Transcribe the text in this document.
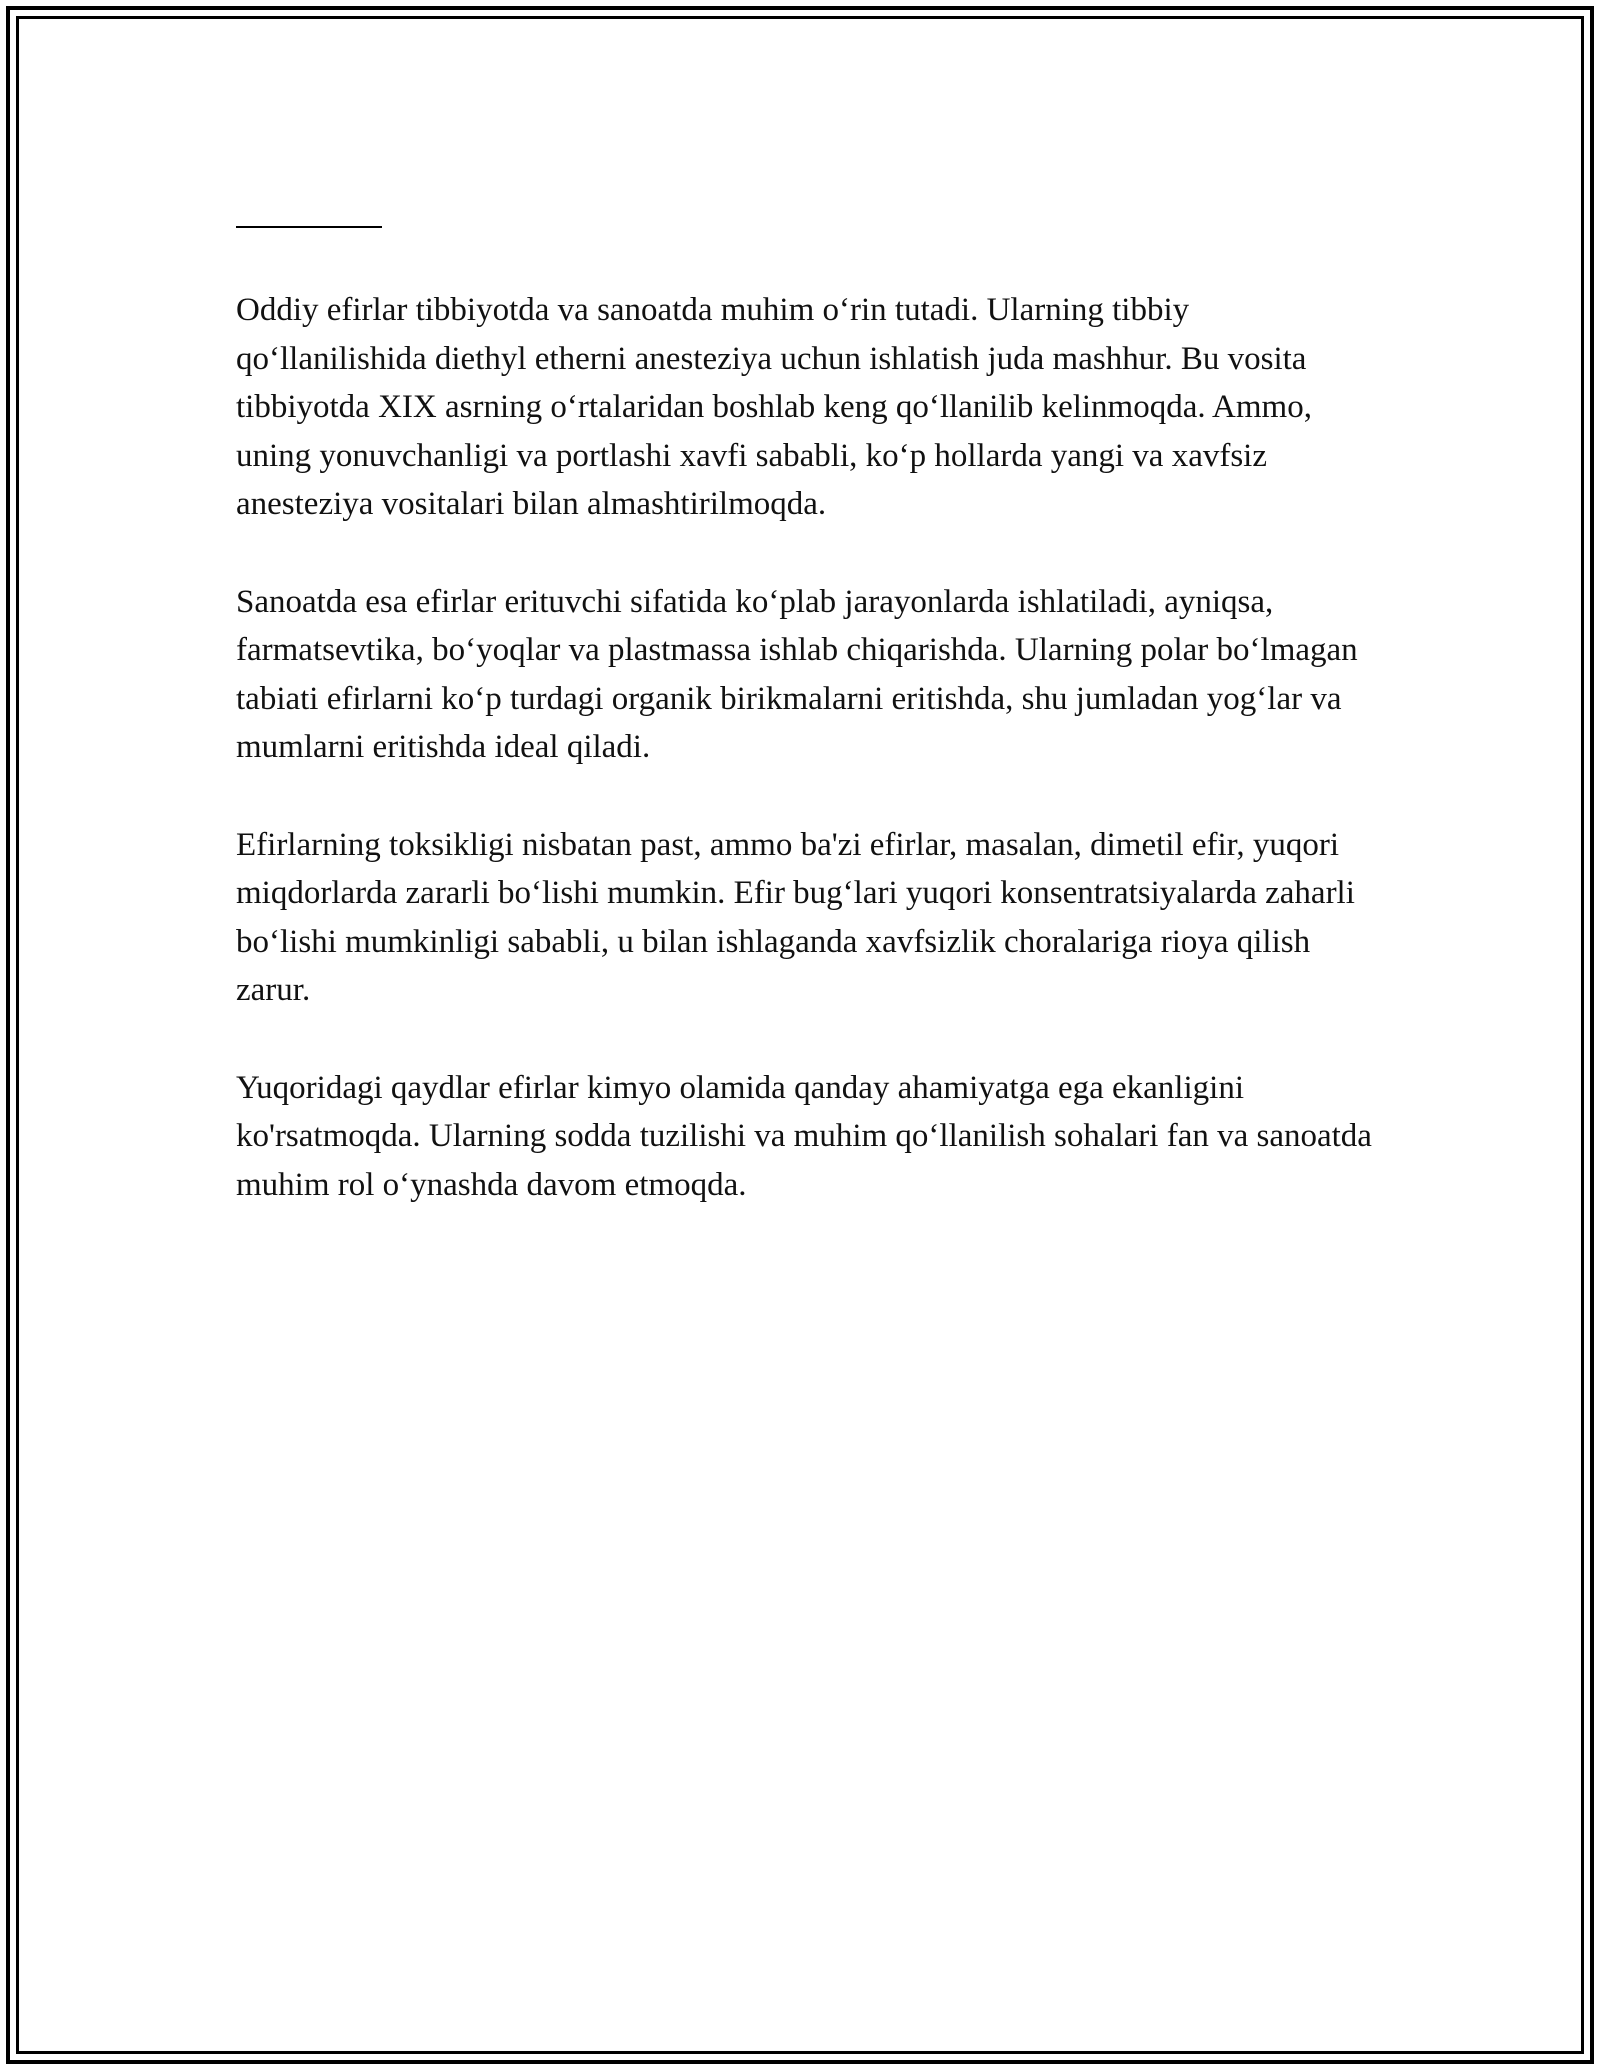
Oddiy efirlar tibbiyotda va sanoatda muhim o‘rin tutadi. Ularning tibbiy qo‘llanilishida diethyl etherni anesteziya uchun ishlatish juda mashhur. Bu vosita tibbiyotda XIX asrning o‘rtalaridan boshlab keng qo‘llanilib kelinmoqda. Ammo, uning yonuvchanligi va portlashi xavfi sababli, ko‘p hollarda yangi va xavfsiz anesteziya vositalari bilan almashtirilmoqda.

Sanoatda esa efirlar erituvchi sifatida ko‘plab jarayonlarda ishlatiladi, ayniqsa, farmatsevtika, bo‘yoqlar va plastmassa ishlab chiqarishda. Ularning polar bo‘lmagan tabiati efirlarni ko‘p turdagi organik birikmalarni eritishda, shu jumladan yog‘lar va mumlarni eritishda ideal qiladi.

Efirlarning toksikligi nisbatan past, ammo ba'zi efirlar, masalan, dimetil efir, yuqori miqdorlarda zararli bo‘lishi mumkin. Efir bug‘lari yuqori konsentratsiyalarda zaharli bo‘lishi mumkinligi sababli, u bilan ishlaganda xavfsizlik choralariga rioya qilish zarur.

Yuqoridagi qaydlar efirlar kimyo olamida qanday ahamiyatga ega ekanligini ko'rsatmoqda. Ularning sodda tuzilishi va muhim qo‘llanilish sohalari fan va sanoatda muhim rol o‘ynashda davom etmoqda.
